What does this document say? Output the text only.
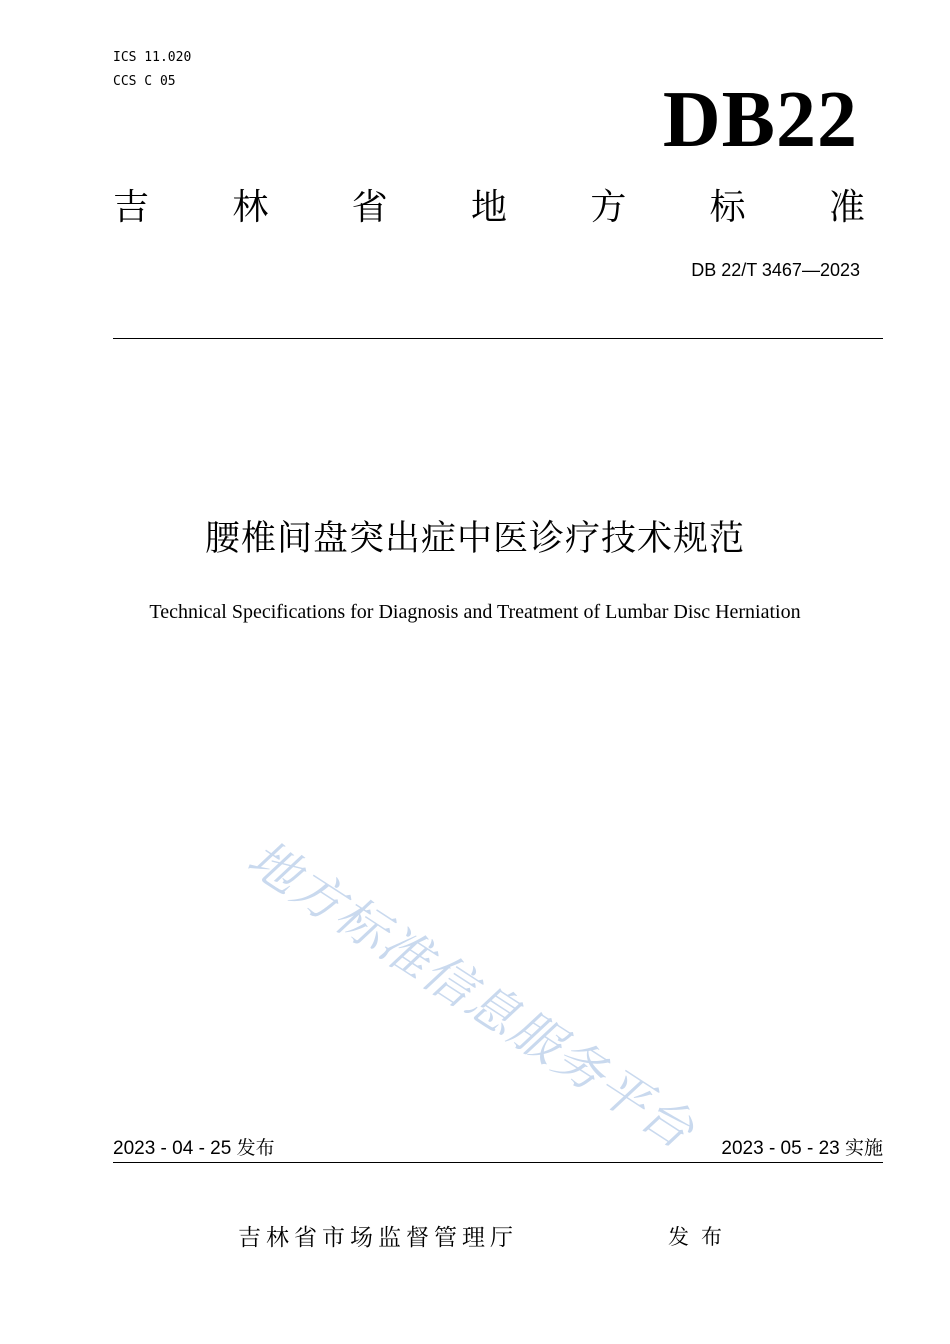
ICS 11.020
CCS C 05	DB22
吉 林 省 地 方 标 准
DB 22/T 3467—2023
腰椎间盘突出症中医诊疗技术规范
Technical Specifications for Diagnosis and Treatment of Lumbar Disc Herniation
地方标准信息服务平台
2023 - 04 - 25 发布	2023 - 05 - 23 实施
吉林省市场监督管理厅	发布
